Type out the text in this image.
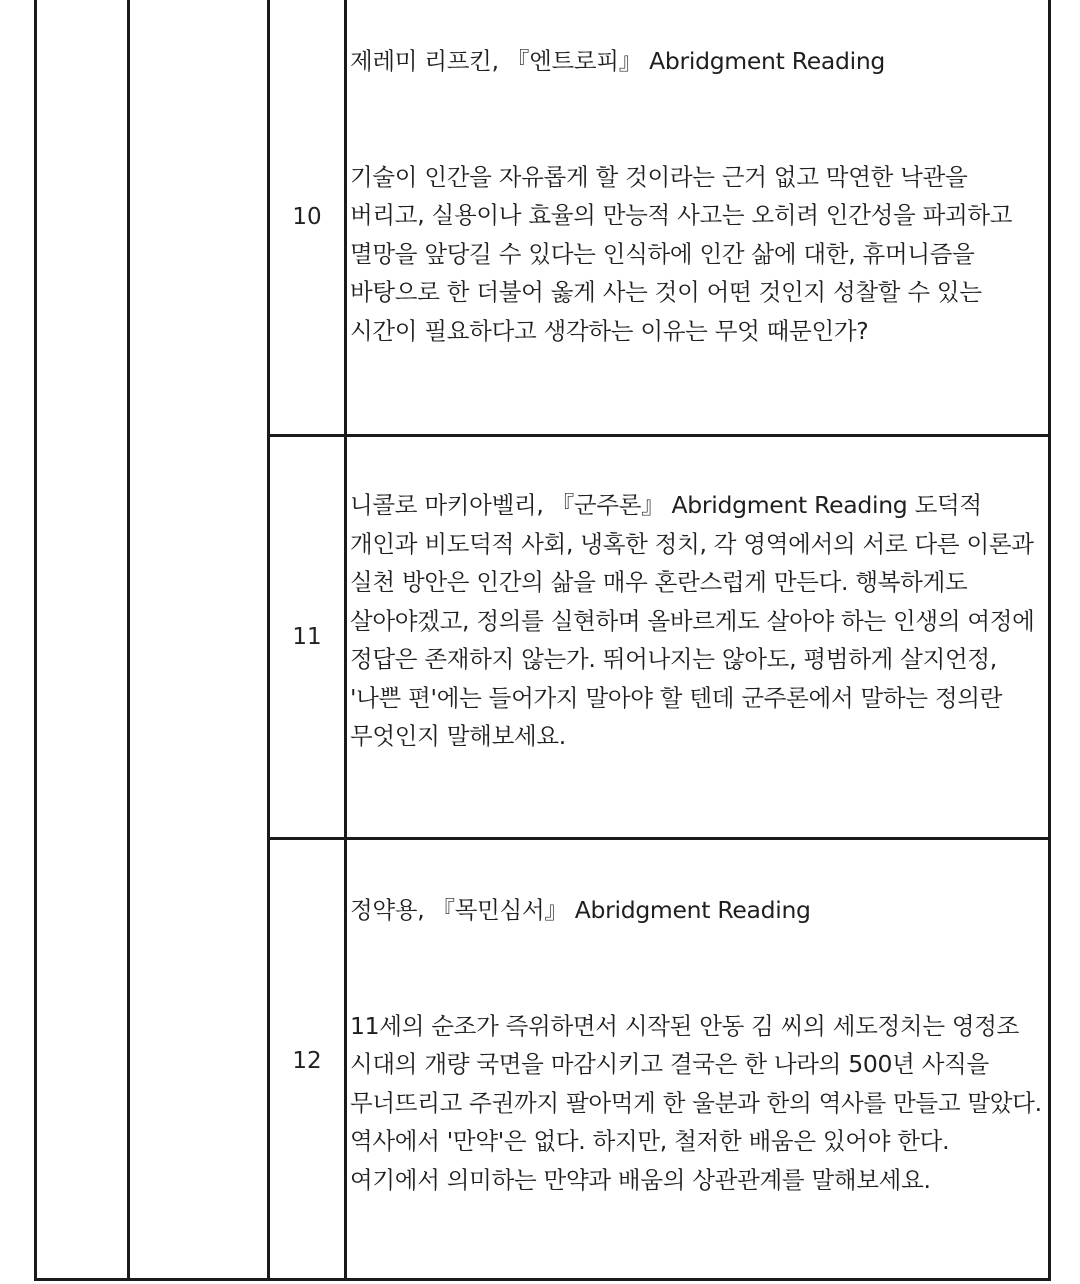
10
제레미 리프킨, 『엔트로피』 Abridgment Reading
기술이 인간을 자유롭게 할 것이라는 근거 없고 막연한 낙관을 버리고, 실용이나 효율의 만능적 사고는 오히려 인간성을 파괴하고 멸망을 앞당길 수 있다는 인식하에 인간 삶에 대한, 휴머니즘을 바탕으로 한 더불어 옳게 사는 것이 어떤 것인지 성찰할 수 있는 시간이 필요하다고 생각하는 이유는 무엇 때문인가?
11
니콜로 마키아벨리, 『군주론』 Abridgment Reading 도덕적 개인과 비도덕적 사회, 냉혹한 정치, 각 영역에서의 서로 다른 이론과 실천 방안은 인간의 삶을 매우 혼란스럽게 만든다. 행복하게도 살아야겠고, 정의를 실현하며 올바르게도 살아야 하는 인생의 여정에 정답은 존재하지 않는가. 뛰어나지는 않아도, 평범하게 살지언정, '나쁜 편'에는 들어가지 말아야 할 텐데 군주론에서 말하는 정의란 무엇인지 말해보세요.
12
정약용, 『목민심서』 Abridgment Reading
11세의 순조가 즉위하면서 시작된 안동 김 씨의 세도정치는 영정조 시대의 개량 국면을 마감시키고 결국은 한 나라의 500년 사직을 무너뜨리고 주권까지 팔아먹게 한 울분과 한의 역사를 만들고 말았다. 역사에서 '만약'은 없다. 하지만, 철저한 배움은 있어야 한다. 여기에서 의미하는 만약과 배움의 상관관계를 말해보세요.
